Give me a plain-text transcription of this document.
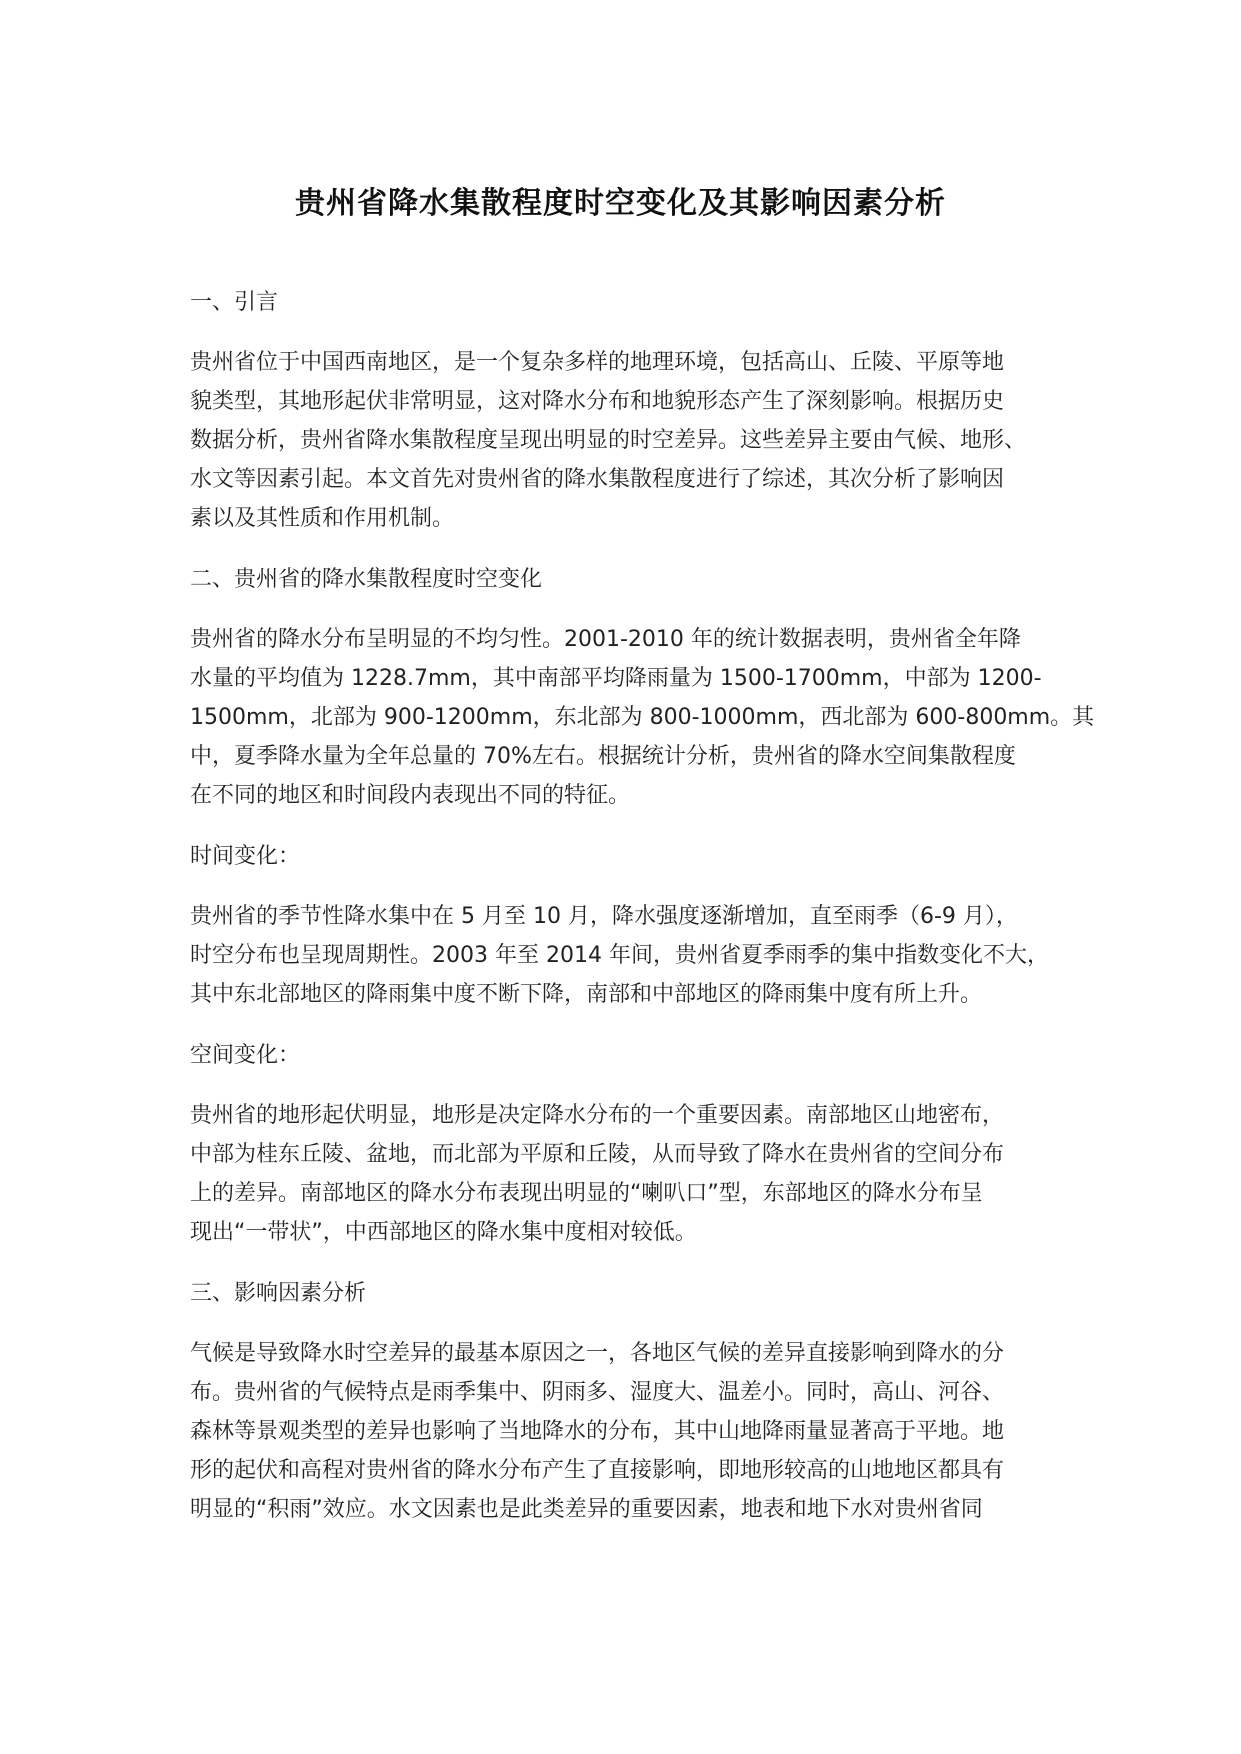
贵州省降水集散程度时空变化及其影响因素分析

一、引言

贵州省位于中国西南地区，是一个复杂多样的地理环境，包括高山、丘陵、平原等地
貌类型，其地形起伏非常明显，这对降水分布和地貌形态产生了深刻影响。根据历史
数据分析，贵州省降水集散程度呈现出明显的时空差异。这些差异主要由气候、地形、
水文等因素引起。本文首先对贵州省的降水集散程度进行了综述，其次分析了影响因
素以及其性质和作用机制。

二、贵州省的降水集散程度时空变化

贵州省的降水分布呈明显的不均匀性。2001-2010 年的统计数据表明，贵州省全年降
水量的平均值为 1228.7mm，其中南部平均降雨量为 1500-1700mm，中部为 1200-
1500mm，北部为 900-1200mm，东北部为 800-1000mm，西北部为 600-800mm。其
中，夏季降水量为全年总量的 70%左右。根据统计分析，贵州省的降水空间集散程度
在不同的地区和时间段内表现出不同的特征。

时间变化：

贵州省的季节性降水集中在 5 月至 10 月，降水强度逐渐增加，直至雨季（6-9 月），
时空分布也呈现周期性。2003 年至 2014 年间，贵州省夏季雨季的集中指数变化不大，
其中东北部地区的降雨集中度不断下降，南部和中部地区的降雨集中度有所上升。

空间变化：

贵州省的地形起伏明显，地形是决定降水分布的一个重要因素。南部地区山地密布，
中部为桂东丘陵、盆地，而北部为平原和丘陵，从而导致了降水在贵州省的空间分布
上的差异。南部地区的降水分布表现出明显的“喇叭口”型，东部地区的降水分布呈
现出“一带状”，中西部地区的降水集中度相对较低。

三、影响因素分析

气候是导致降水时空差异的最基本原因之一，各地区气候的差异直接影响到降水的分
布。贵州省的气候特点是雨季集中、阴雨多、湿度大、温差小。同时，高山、河谷、
森林等景观类型的差异也影响了当地降水的分布，其中山地降雨量显著高于平地。地
形的起伏和高程对贵州省的降水分布产生了直接影响，即地形较高的山地地区都具有
明显的“积雨”效应。水文因素也是此类差异的重要因素，地表和地下水对贵州省同
